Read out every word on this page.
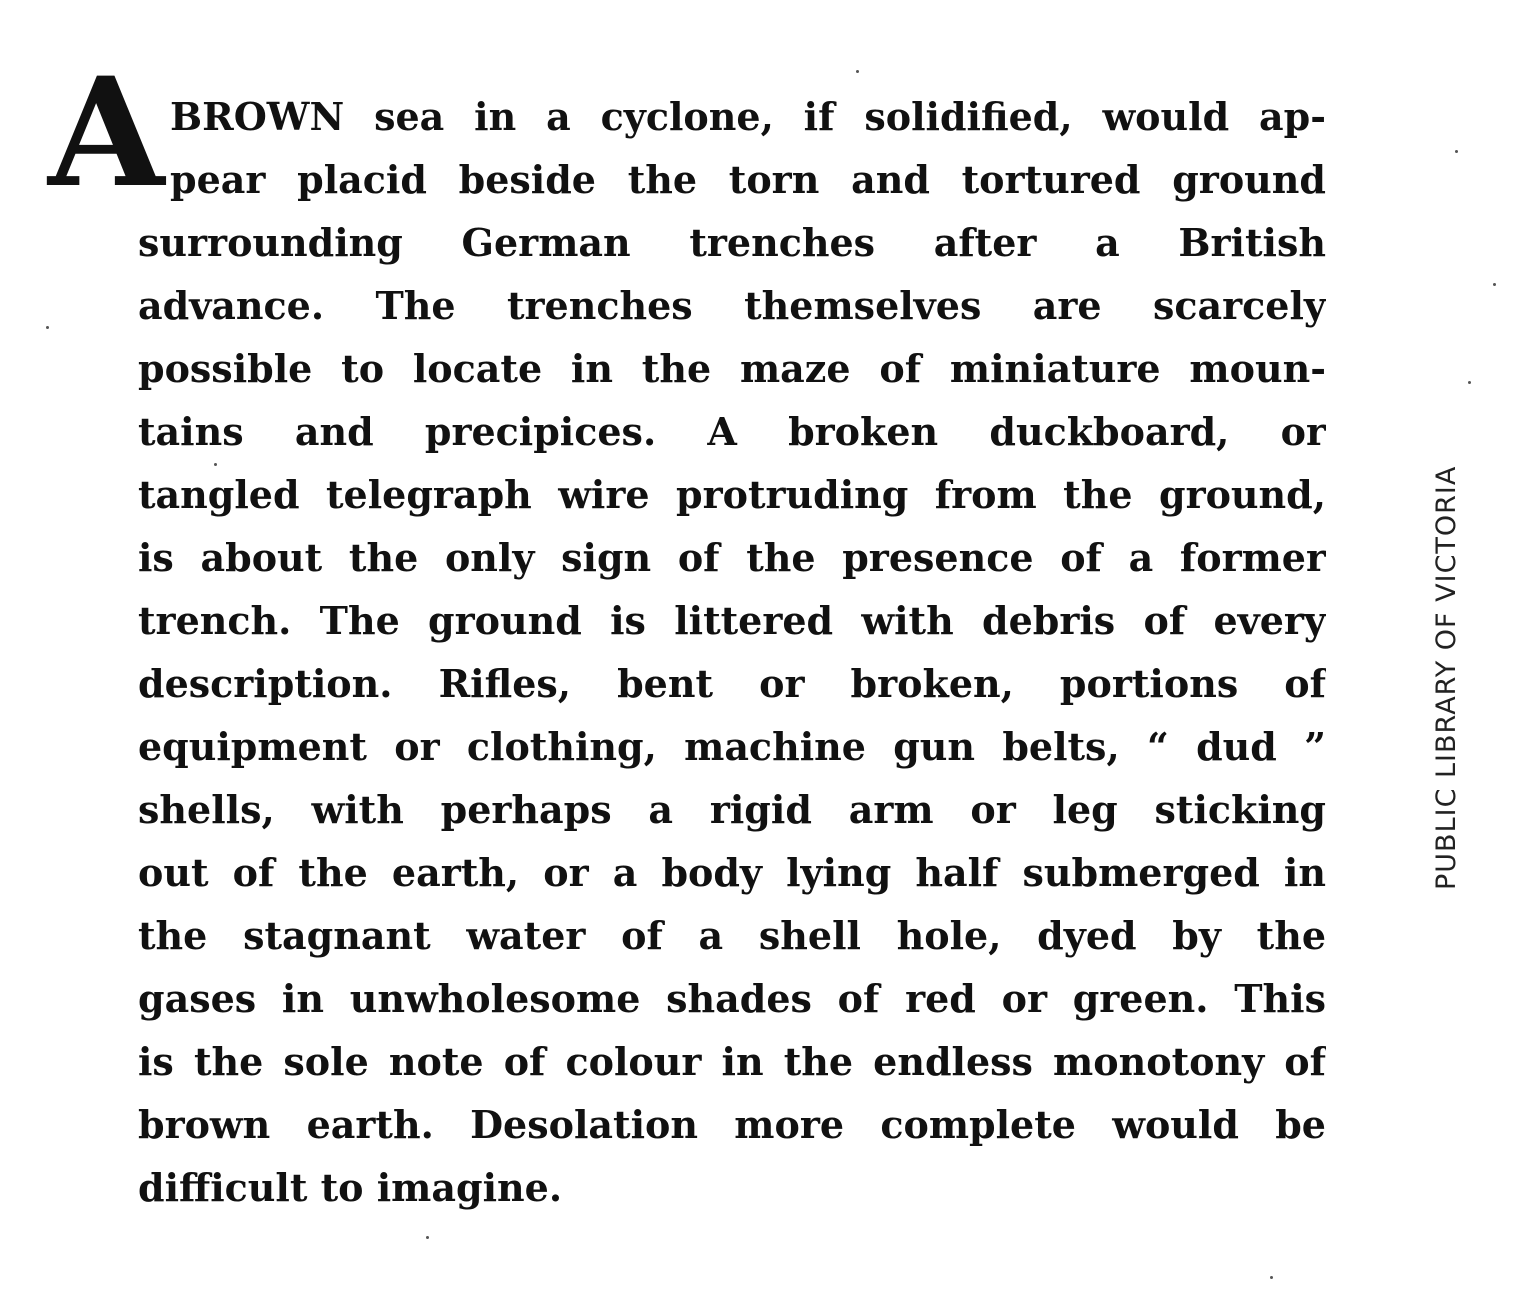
A BROWN sea in a cyclone, if solidified, would ap-
pear placid beside the torn and tortured ground
surrounding German trenches after a British
advance. The trenches themselves are scarcely
possible to locate in the maze of miniature moun-
tains and precipices. A broken duckboard, or
tangled telegraph wire protruding from the ground,
is about the only sign of the presence of a former
trench. The ground is littered with debris of every
description. Rifles, bent or broken, portions of
equipment or clothing, machine gun belts, “ dud ”
shells, with perhaps a rigid arm or leg sticking
out of the earth, or a body lying half submerged in
the stagnant water of a shell hole, dyed by the
gases in unwholesome shades of red or green. This
is the sole note of colour in the endless monotony of
brown earth. Desolation more complete would be
difficult to imagine.
PUBLIC LIBRARY OF VICTORIA
